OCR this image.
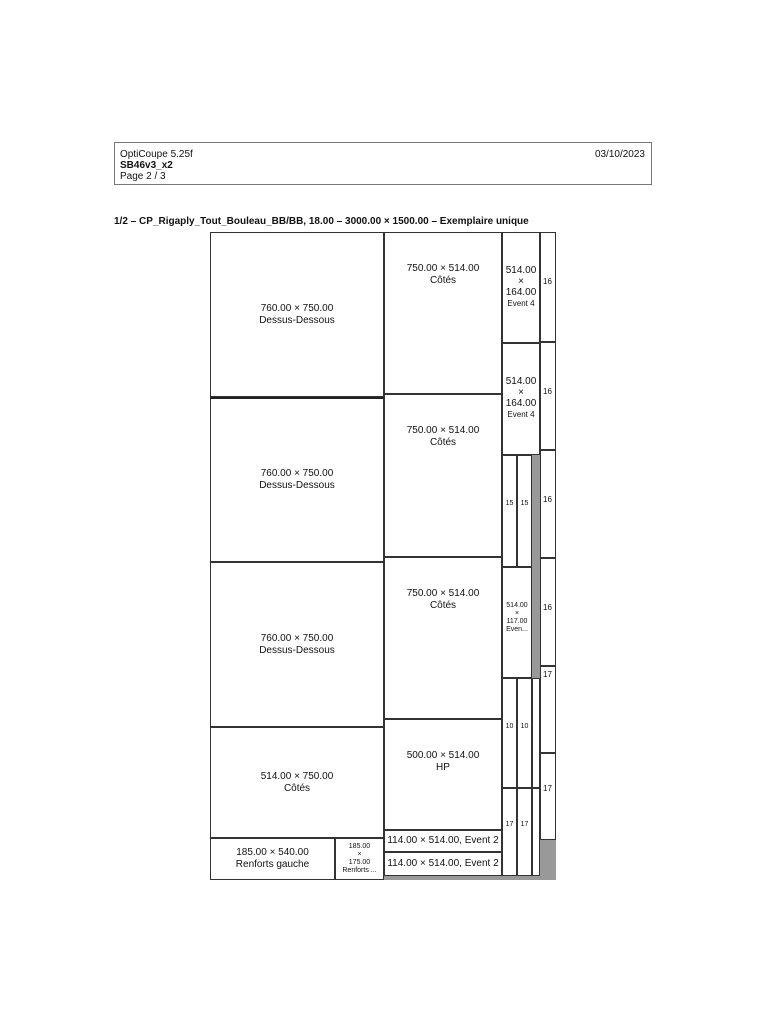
OptiCoupe 5.25f
SB46v3_x2
Page 2 / 3
03/10/2023
1/2 – CP_Rigaply_Tout_Bouleau_BB/BB, 18.00 – 3000.00 × 1500.00 – Exemplaire unique
760.00 × 750.00
Dessus-Dessous
760.00 × 750.00
Dessus-Dessous
760.00 × 750.00
Dessus-Dessous
514.00 × 750.00
Côtés
185.00 × 540.00
Renforts gauche
185.00
×
175.00
Renforts ...
750.00 × 514.00
Côtés
750.00 × 514.00
Côtés
750.00 × 514.00
Côtés
500.00 × 514.00
HP
114.00 × 514.00, Event 2
114.00 × 514.00, Event 2
514.00
×
164.00
Event 4
514.00
×
164.00
Event 4
15	15
514.00
×
117.00
Even...
10	10
17	17
16
16
16
16
17
17
